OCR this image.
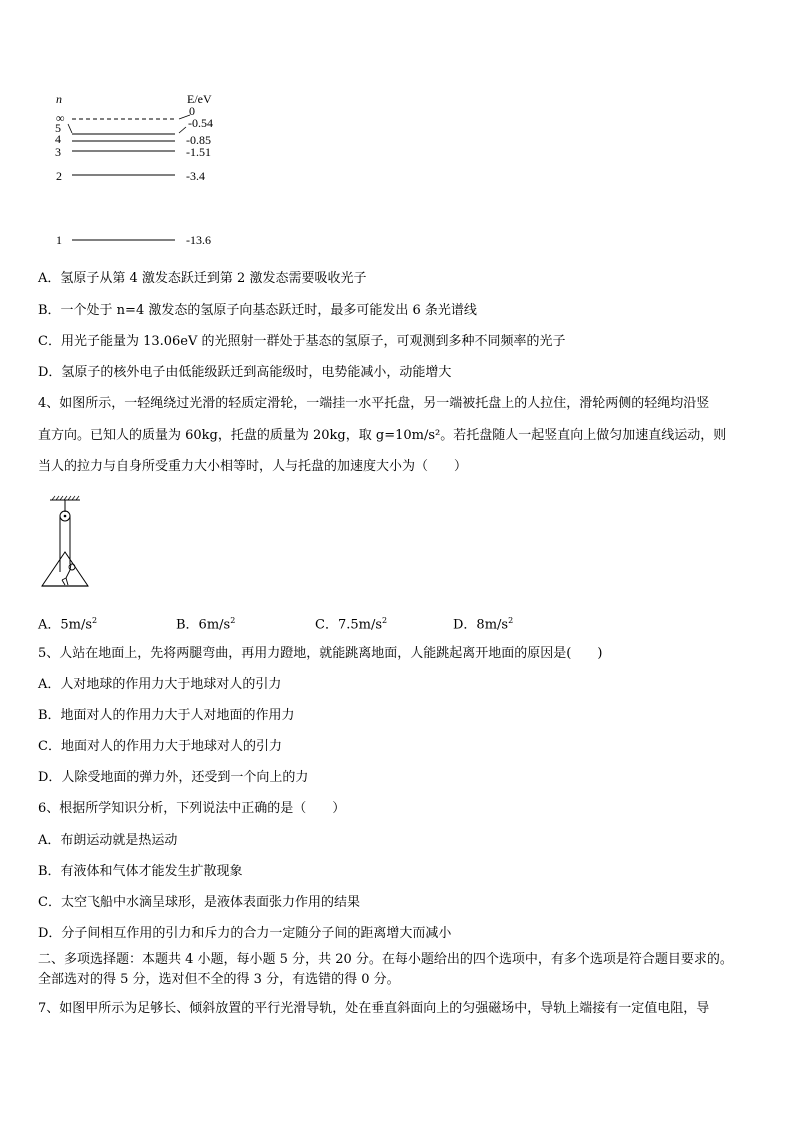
n	E/eV
∞	0
5	-0.54
4	-0.85
3	-1.51
2	-3.4
1	-13.6
A．氢原子从第 4 激发态跃迁到第 2 激发态需要吸收光子
B．一个处于 n=4 激发态的氢原子向基态跃迁时，最多可能发出 6 条光谱线
C．用光子能量为 13.06eV 的光照射一群处于基态的氢原子，可观测到多种不同频率的光子
D．氢原子的核外电子由低能级跃迁到高能级时，电势能减小，动能增大
4、如图所示，一轻绳绕过光滑的轻质定滑轮，一端挂一水平托盘，另一端被托盘上的人拉住，滑轮两侧的轻绳均沿竖
直方向。已知人的质量为 60kg，托盘的质量为 20kg，取 g=10m/s²。若托盘随人一起竖直向上做匀加速直线运动，则
当人的拉力与自身所受重力大小相等时，人与托盘的加速度大小为（　　）
A．$5m/s^2$	B．$6m/s^2$	C．$7.5m/s^2$	D．$8m/s^2$
5、人站在地面上，先将两腿弯曲，再用力蹬地，就能跳离地面，人能跳起离开地面的原因是(　　)
A．人对地球的作用力大于地球对人的引力
B．地面对人的作用力大于人对地面的作用力
C．地面对人的作用力大于地球对人的引力
D．人除受地面的弹力外，还受到一个向上的力
6、根据所学知识分析，下列说法中正确的是（　　）
A．布朗运动就是热运动
B．有液体和气体才能发生扩散现象
C．太空飞船中水滴呈球形，是液体表面张力作用的结果
D．分子间相互作用的引力和斥力的合力一定随分子间的距离增大而减小
二、多项选择题：本题共 4 小题，每小题 5 分，共 20 分。在每小题给出的四个选项中，有多个选项是符合题目要求的。
全部选对的得 5 分，选对但不全的得 3 分，有选错的得 0 分。
7、如图甲所示为足够长、倾斜放置的平行光滑导轨，处在垂直斜面向上的匀强磁场中，导轨上端接有一定值电阻，导
